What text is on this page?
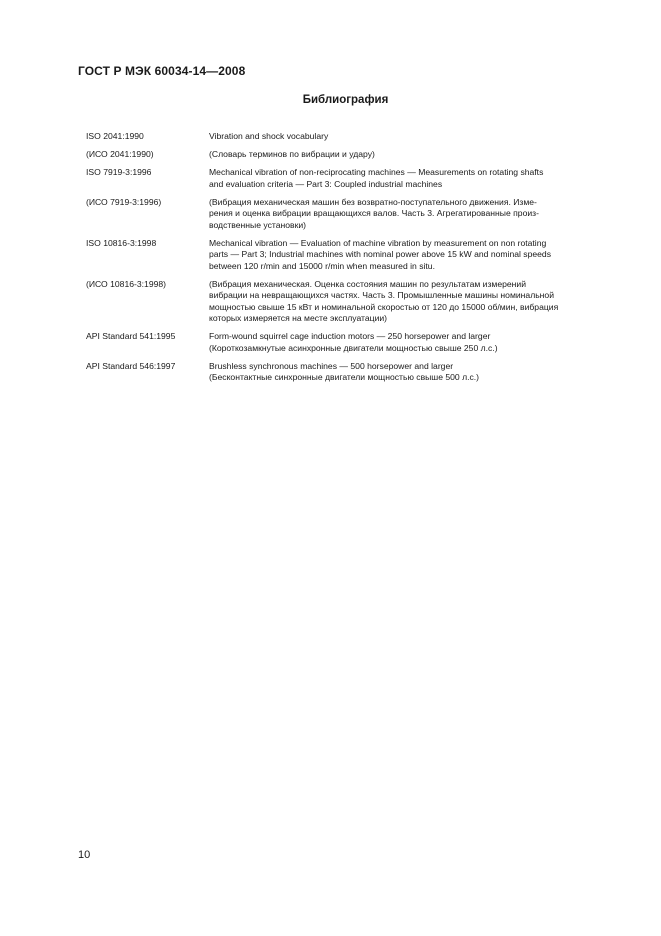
ГОСТ Р МЭК 60034-14—2008
Библиография
ISO 2041:1990	Vibration and shock vocabulary
(ИСО 2041:1990)	(Словарь терминов по вибрации и удару)
ISO 7919-3:1996	Mechanical vibration of non-reciprocating machines — Measurements on rotating shafts
and evaluation criteria — Part 3: Coupled industrial machines
(ИСО 7919-3:1996)	(Вибрация механическая машин без возвратно-поступательного движения. Изме-
рения и оценка вибрации вращающихся валов. Часть 3. Агрегатированные произ-
водственные установки)
ISO 10816-3:1998	Mechanical vibration — Evaluation of machine vibration by measurement on non rotating
parts — Part 3; Industrial machines with nominal power above 15 kW and nominal speeds
between 120 r/min and 15000 r/min when measured in situ.
(ИСО 10816-3:1998)	(Вибрация механическая. Оценка состояния машин по результатам измерений
вибрации на невращающихся частях. Часть 3. Промышленные машины номинальной
мощностью свыше 15 кВт и номинальной скоростью от 120 до 15000 об/мин, вибрация
которых измеряется на месте эксплуатации)
API Standard 541:1995	Form-wound squirrel cage induction motors — 250 horsepower and larger
(Короткозамкнутые асинхронные двигатели мощностью свыше 250 л.с.)
API Standard 546:1997	Brushless synchronous machines — 500 horsepower and larger
(Бесконтактные синхронные двигатели мощностью свыше 500 л.с.)
10
